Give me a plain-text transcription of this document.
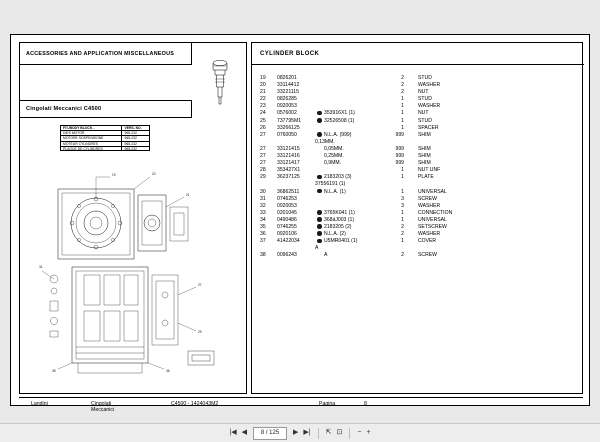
ACCESSORIES AND APPLICATION MISCELLANEOUS
Cingolati Meccanici C4500
FIT./BODY BLOCK -	VERS. NO.
DIES MOTOR	965-232
MOTORE SOSPENSIONE	965-232
MOTEUR CYLINDRES	965-232
PLAQUE DE CYLINDRES	965-232
19	20
21
27
29
31
36
38
CYLINDER BLOCK
19	0826201	2	STUD
20	33114412	2	WASHER
21	33221115	2	NUT
22	0826285	1	STUD
23	0920053	1	WASHER
24	0576002	353916X1 (1)	1	NUT
25	737795M1	32526508 (1)	1	STUD
26	33266125	1	SPACER
27	0760050	N.L.A. (999)	999	SHIM
0,13MM.
27	33121415	0,05MM.	999	SHIM
27	33121416	0,25MM.	999	SHIM
27	33121417	0,9MM.	999	SHIM
28	353427X1	1	NUT UNF
29	36237125	2183203 (3)	1	PLATE
37556191 (1)
30	36862511	N.L.A. (1)	1	UNIVERSAL
31	0746253	3	SCREW
32	0920053	3	WASHER
33	0201045	3765K041 (1)	1	CONNECTION
34	0490486	368áJ003 (1)	1	UNIVERSAL
35	0746255	2183205 (2)	2	SETSCREW
36	0920106	N.L.A. (2)	2	WASHER
37	41422034	U5MR0401 (1)	1	COVER
A
38	0096243	A	2	SCREW
Landini	Cingolati
Meccanici
C4500 - 1424043M2	Pagina	8
|◀ ◀	8 / 125	▶ ▶| ⇱ ⊡ − +
